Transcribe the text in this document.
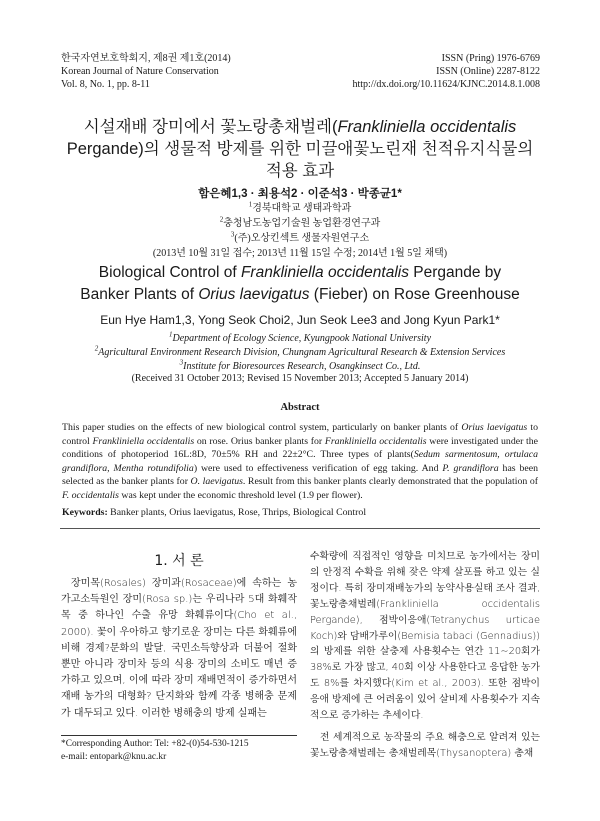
한국자연보호학회지, 제8권 제1호(2014)
Korean Journal of Nature Conservation
Vol. 8, No. 1, pp. 8-11
ISSN (Pring) 1976-6769
ISSN (Online) 2287-8122
http://dx.doi.org/10.11624/KJNC.2014.8.1.008
시설재배 장미에서 꽃노랑총채벌레(Frankliniella occidentalis
Pergande)의 생물적 방제를 위한 미끌애꽃노린재 천적유지식물의
적용 효과
함은혜1,3 · 최용석2 · 이준석3 · 박종균1*
$^1$경북대학교 생태과학과
$^2$충청남도농업기술원 농업환경연구과
$^3$(주)오상킨섹트 생물자원연구소
(2013년 10월 31일 접수; 2013년 11월 15일 수정; 2014년 1월 5일 채택)
Biological Control of Frankliniella occidentalis Pergande by
Banker Plants of Orius laevigatus (Fieber) on Rose Greenhouse
Eun Hye Ham1,3, Yong Seok Choi2, Jun Seok Lee3 and Jong Kyun Park1*
$^1$Department of Ecology Science, Kyungpook National University
$^2$Agricultural Environment Research Division, Chungnam Agricultural Research & Extension Services
$^3$Institute for Bioresources Research, Osangkinsect Co., Ltd.
(Received 31 October 2013; Revised 15 November 2013; Accepted 5 January 2014)
Abstract
This paper studies on the effects of new biological control system, particularly on banker plants of Orius laevigatus to control Frankliniella occidentalis on rose. Orius banker plants for Frankliniella occidentalis were investigated under the conditions of photoperiod 16L:8D, 70±5% RH and 22±2°C. Three types of plants(Sedum sarmentosum, ortulaca grandiflora, Mentha rotundifolia) were used to effectiveness verification of egg taking. And P. grandiflora has been selected as the banker plants for O. laevigatus. Result from this banker plants clearly demonstrated that the population of F. occidentalis was kept under the economic threshold level (1.9 per flower).
Keywords: Banker plants, Orius laevigatus, Rose, Thrips, Biological Control
1. 서 론

장미목(Rosales) 장미과(Rosaceae)에 속하는 농가고소득원인 장미(Rosa sp.)는 우리나라 5대 화훼작목 중 하나인 수출 유망 화훼류이다(Cho et al., 2000). 꽃이 우아하고 향기로운 장미는 다른 화훼류에 비해 경제?문화의 발달, 국민소득향상과 더불어 절화뿐만 아니라 장미차 등의 식용 장미의 소비도 매년 증가하고 있으며, 이에 따라 장미 재배면적이 증가하면서 재배 농가의 대형화? 단지화와 함께 각종 병해충 문제가 대두되고 있다. 이러한 병해충의 방제 실패는

수확량에 직접적인 영향을 미치므로 농가에서는 장미의 안정적 수확을 위해 잦은 약제 살포를 하고 있는 실정이다. 특히 장미재배농가의 농약사용실태 조사 결과, 꽃노랑총채벌레(Frankliniella occidentalis Pergande), 점박이응애(Tetranychus urticae Koch)와 담배가루이(Bemisia tabaci (Gennadius))의 방제를 위한 살충제 사용횟수는 연간 11~20회가 38%로 가장 많고, 40회 이상 사용한다고 응답한 농가도 8%를 차지했다(Kim et al., 2003). 또한 점박이응애 방제에 큰 어려움이 있어 살비제 사용횟수가 지속적으로 증가하는 추세이다.

전 세계적으로 농작물의 주요 해충으로 알려져 있는 꽃노랑총채벌레는 총채벌레목(Thysanoptera) 총채

*Corresponding Author: Tel: +82-(0)54-530-1215
e-mail: entopark@knu.ac.kr
